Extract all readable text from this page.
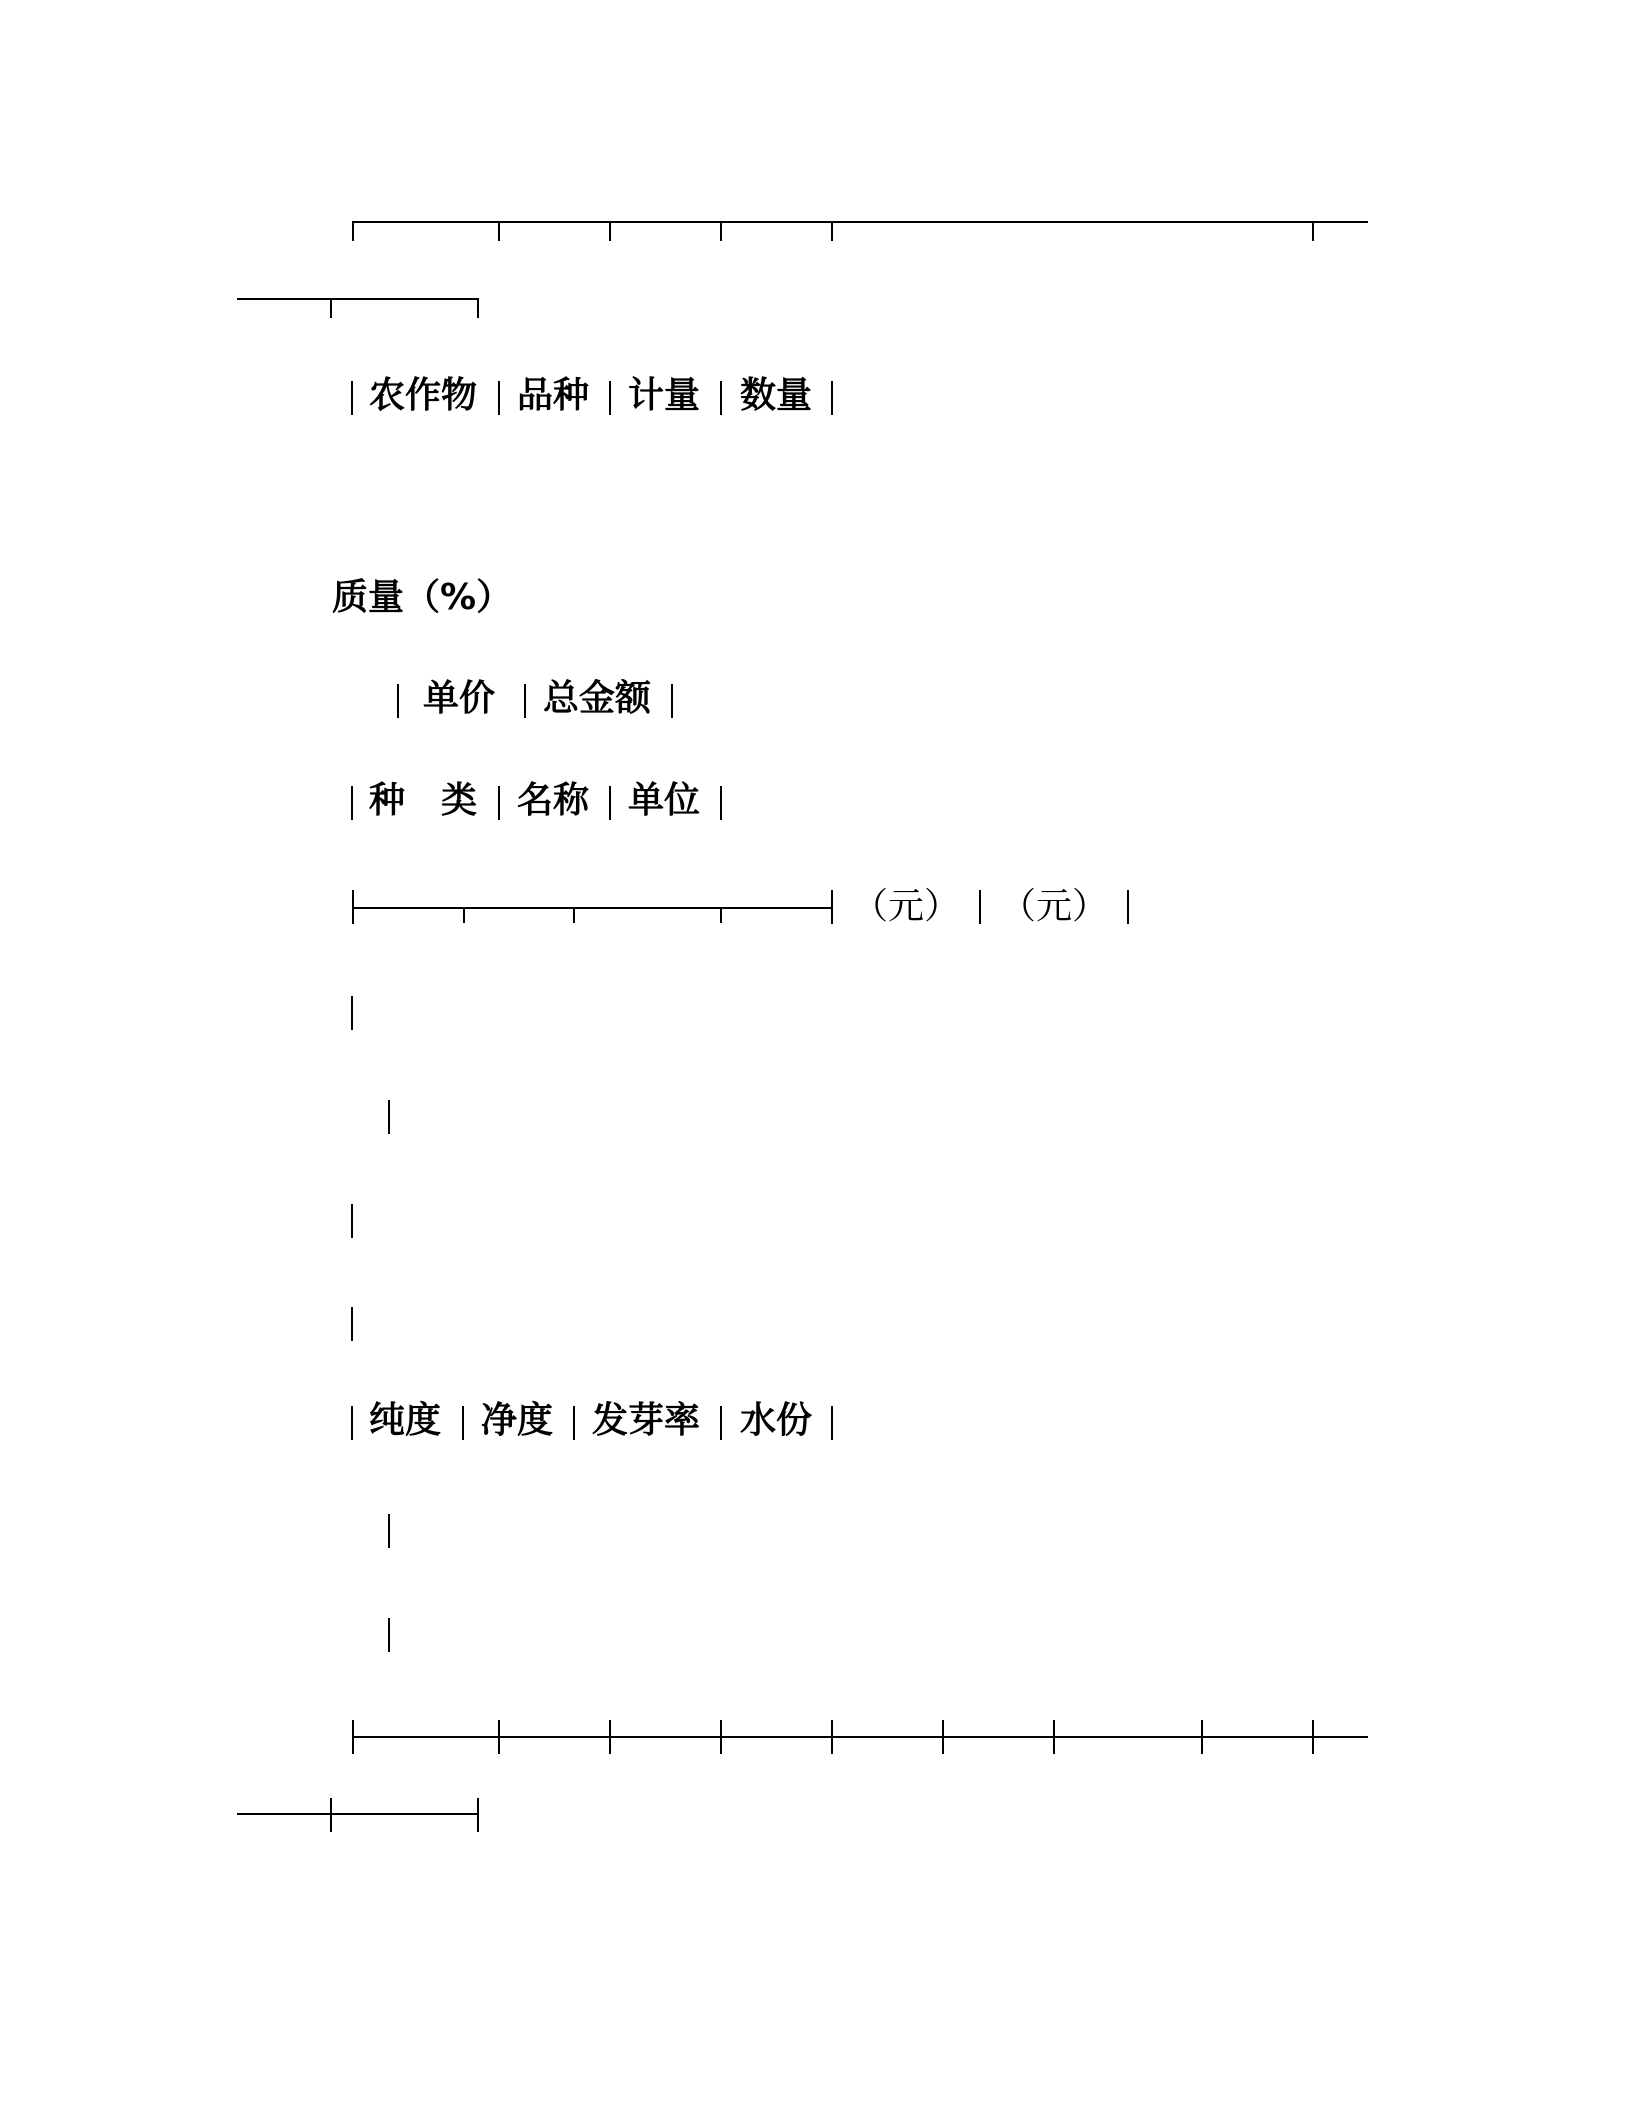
农作物 品种 计量 数量
质量（%）
单价 总金额
种　类 名称 单位
（元） （元）
纯度 净度 发芽率 水份
